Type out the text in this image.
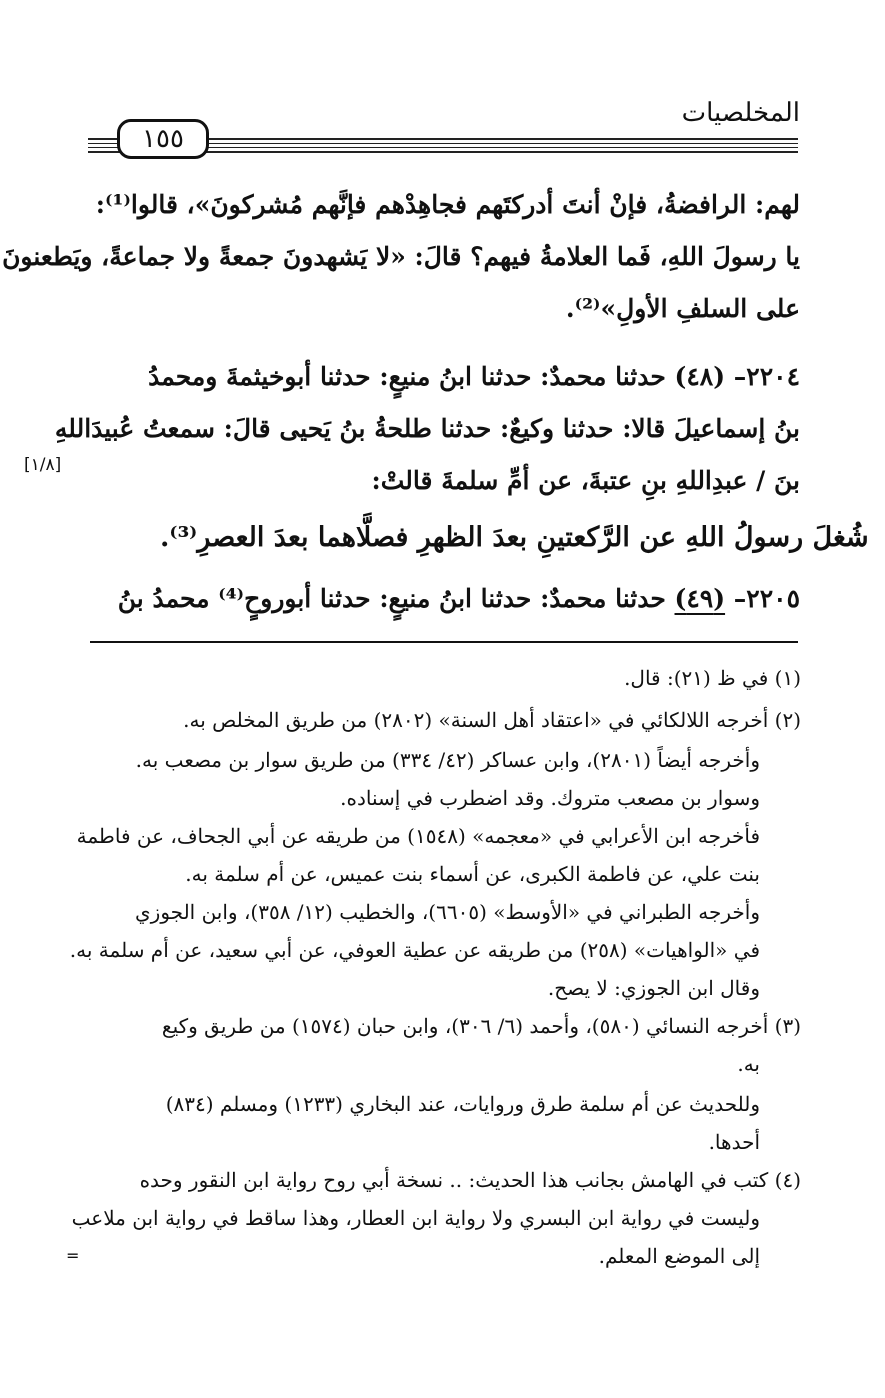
المخلصيات
١٥٥
لهم: الرافضةُ، فإنْ أنتَ أدركتَهم فجاهِدْهم فإنَّهم مُشركونَ»، قالوا⁽¹⁾:
يا رسولَ اللهِ، فَما العلامةُ فيهم؟ قالَ: «لا يَشهدونَ جمعةً ولا جماعةً، ويَطعنونَ
على السلفِ الأولِ»⁽²⁾.
٢٢٠٤– (٤٨) حدثنا محمدٌ: حدثنا ابنُ منيعٍ: حدثنا أبوخيثمةَ ومحمدُ
بنُ إسماعيلَ قالا: حدثنا وكيعٌ: حدثنا طلحةُ بنُ يَحيى قالَ: سمعتُ عُبيدَاللهِ
بنَ / عبدِاللهِ بنِ عتبةَ، عن أمِّ سلمةَ قالتْ:
[١/٨]
شُغلَ رسولُ اللهِ عن الرَّكعتينِ بعدَ الظهرِ فصلَّاهما بعدَ العصرِ⁽³⁾.
٢٢٠٥– (٤٩) حدثنا محمدٌ: حدثنا ابنُ منيعٍ: حدثنا أبوروحٍ⁽⁴⁾ محمدُ بنُ
(١) في ظ (٢١): قال.
(٢) أخرجه اللالكائي في «اعتقاد أهل السنة» (٢٨٠٢) من طريق المخلص به.
وأخرجه أيضاً (٢٨٠١)، وابن عساكر (٤٢/ ٣٣٤) من طريق سوار بن مصعب به.
وسوار بن مصعب متروك. وقد اضطرب في إسناده.
فأخرجه ابن الأعرابي في «معجمه» (١٥٤٨) من طريقه عن أبي الجحاف، عن فاطمة
بنت علي، عن فاطمة الكبرى، عن أسماء بنت عميس، عن أم سلمة به.
وأخرجه الطبراني في «الأوسط» (٦٦٠٥)، والخطيب (١٢/ ٣٥٨)، وابن الجوزي
في «الواهيات» (٢٥٨) من طريقه عن عطية العوفي، عن أبي سعيد، عن أم سلمة به.
وقال ابن الجوزي: لا يصح.
(٣) أخرجه النسائي (٥٨٠)، وأحمد (٦/ ٣٠٦)، وابن حبان (١٥٧٤) من طريق وكيع
به.
وللحديث عن أم سلمة طرق وروايات، عند البخاري (١٢٣٣) ومسلم (٨٣٤)
أحدها.
(٤) كتب في الهامش بجانب هذا الحديث: .. نسخة أبي روح رواية ابن النقور وحده
وليست في رواية ابن البسري ولا رواية ابن العطار، وهذا ساقط في رواية ابن ملاعب
إلى الموضع المعلم.
=
